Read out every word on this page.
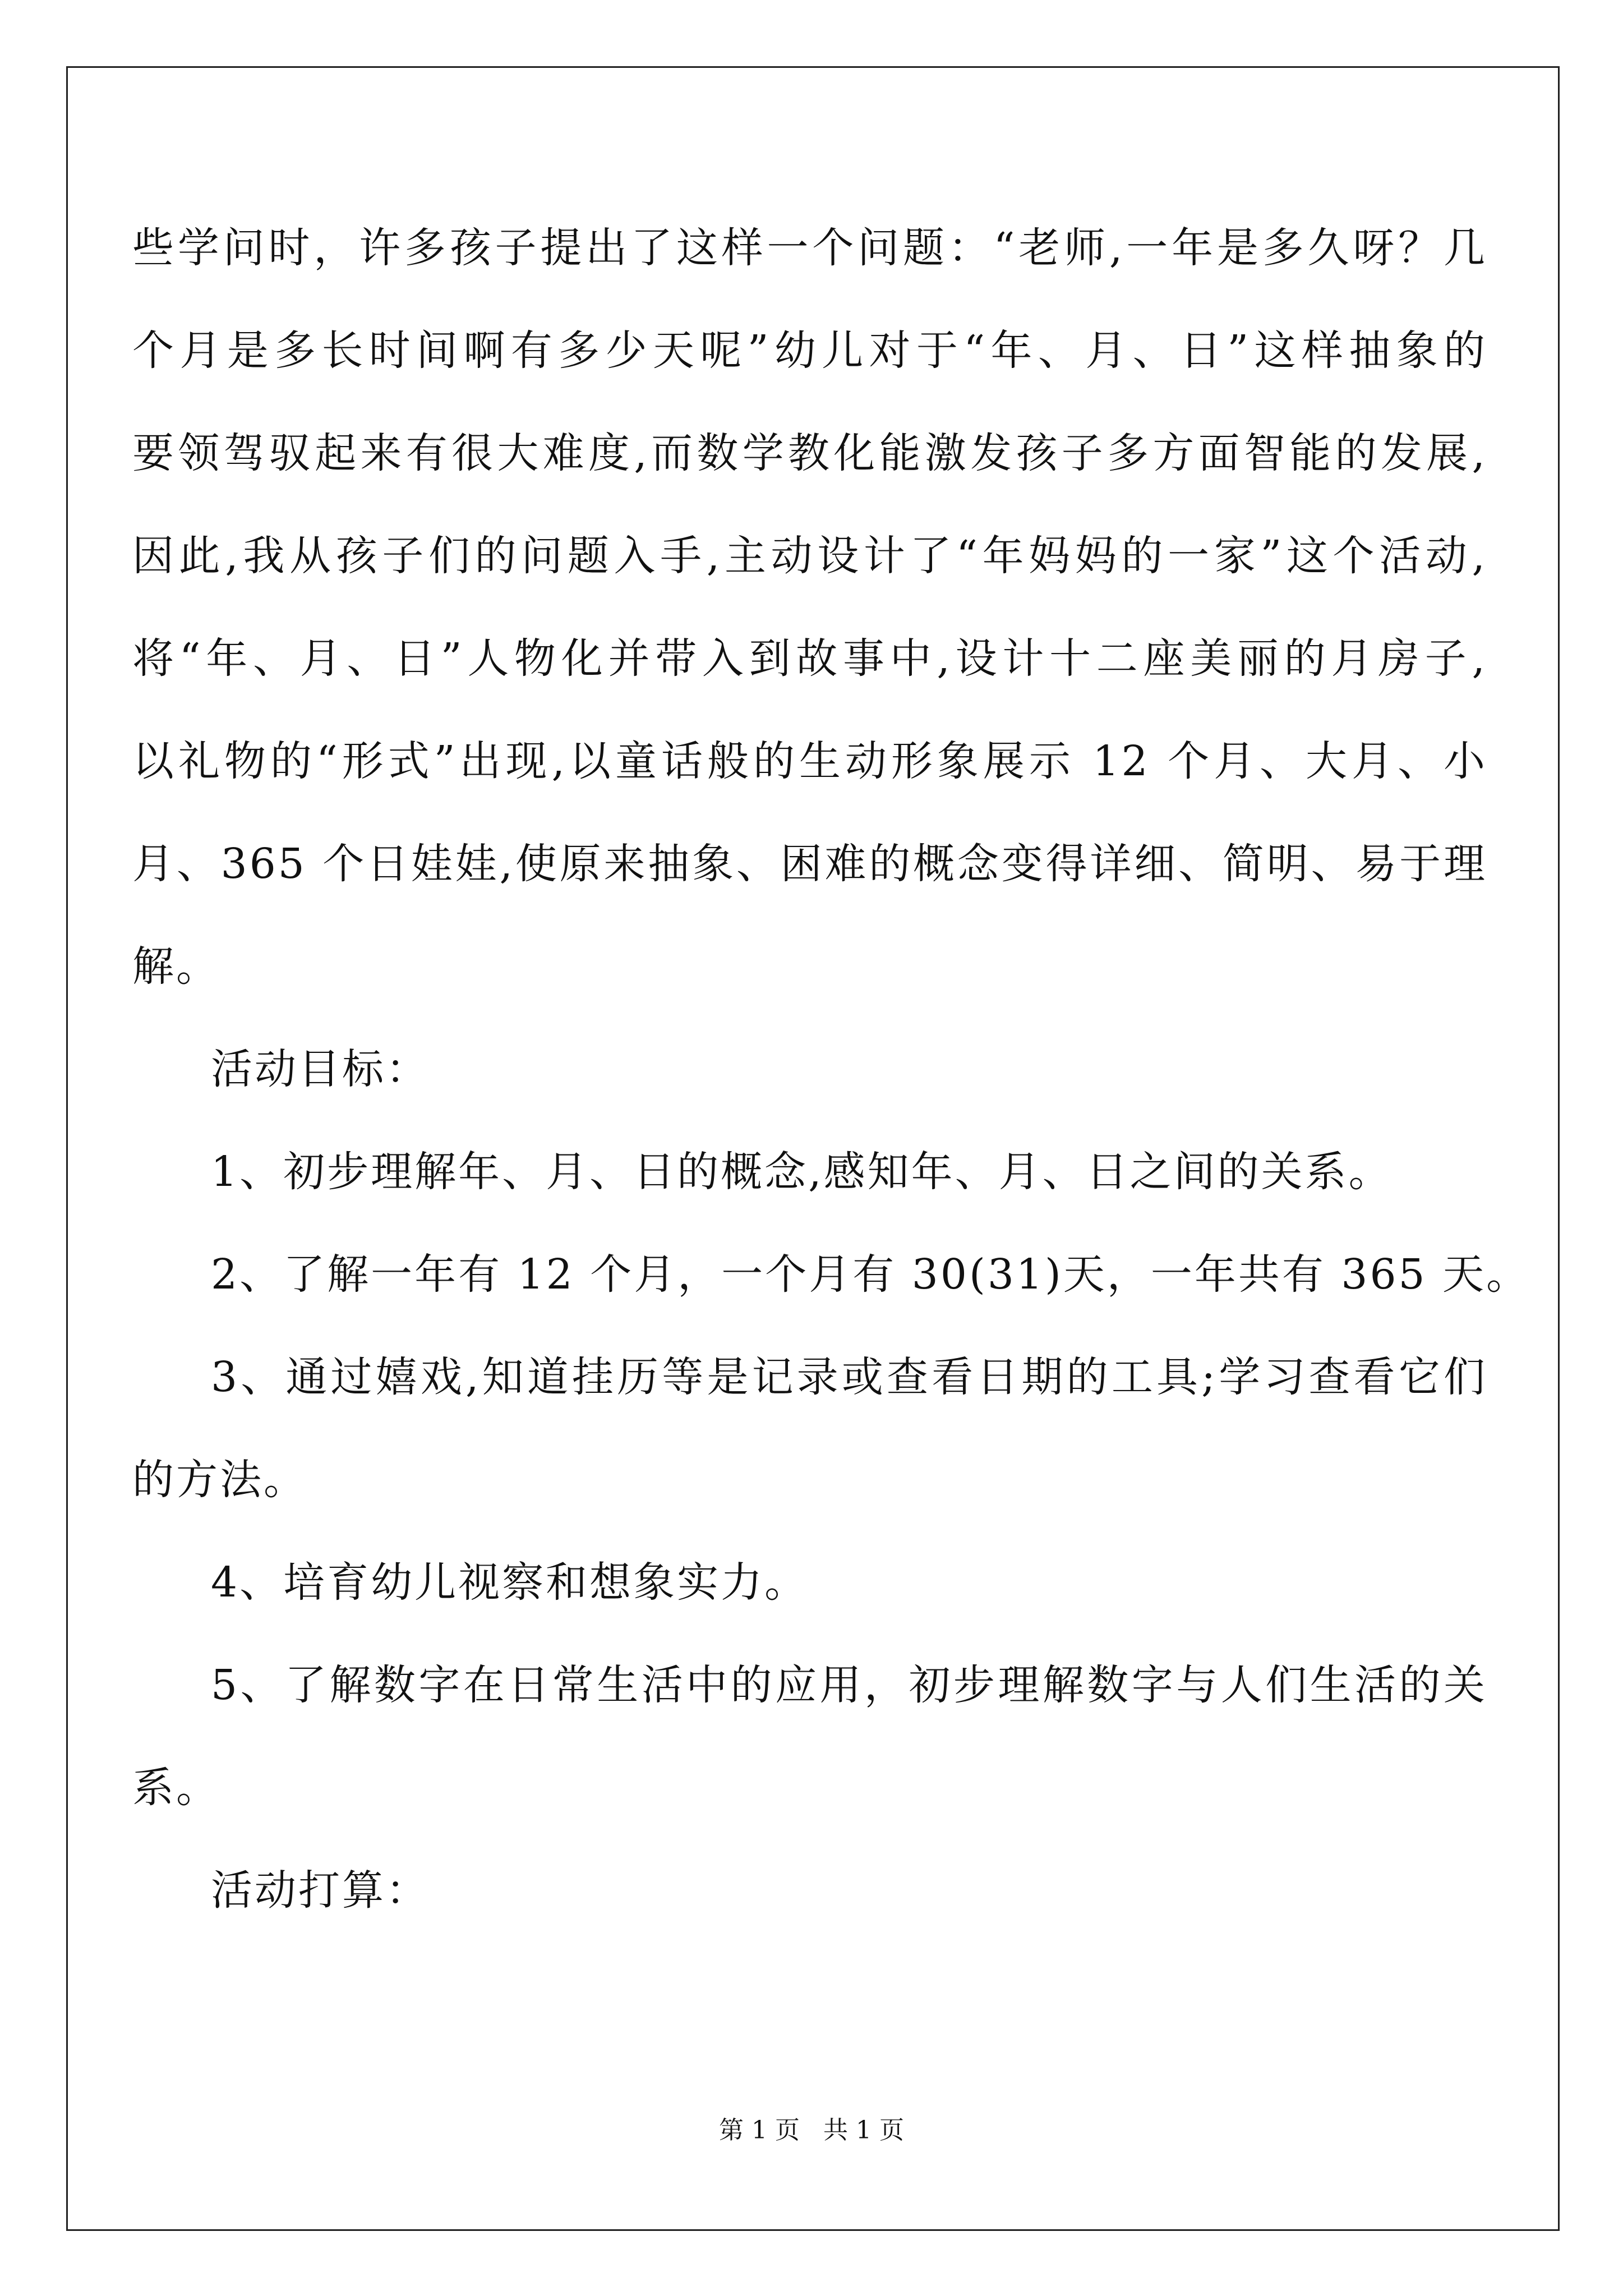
些学问时，许多孩子提出了这样一个问题：“老师,一年是多久呀？几
个月是多长时间啊有多少天呢”幼儿对于“年、月、日”这样抽象的
要领驾驭起来有很大难度,而数学教化能激发孩子多方面智能的发展,
因此,我从孩子们的问题入手,主动设计了“年妈妈的一家”这个活动,
将“年、月、日”人物化并带入到故事中,设计十二座美丽的月房子,
以礼物的“形式”出现,以童话般的生动形象展示 12 个月、大月、小
月、365 个日娃娃,使原来抽象、困难的概念变得详细、简明、易于理
解。
活动目标：
1、初步理解年、月、日的概念,感知年、月、日之间的关系。
2、了解一年有 12 个月，一个月有 30(31)天，一年共有 365 天。
3、通过嬉戏,知道挂历等是记录或查看日期的工具;学习查看它们
的方法。
4、培育幼儿视察和想象实力。
5、了解数字在日常生活中的应用，初步理解数字与人们生活的关
系。
活动打算：
第 1 页   共 1 页
